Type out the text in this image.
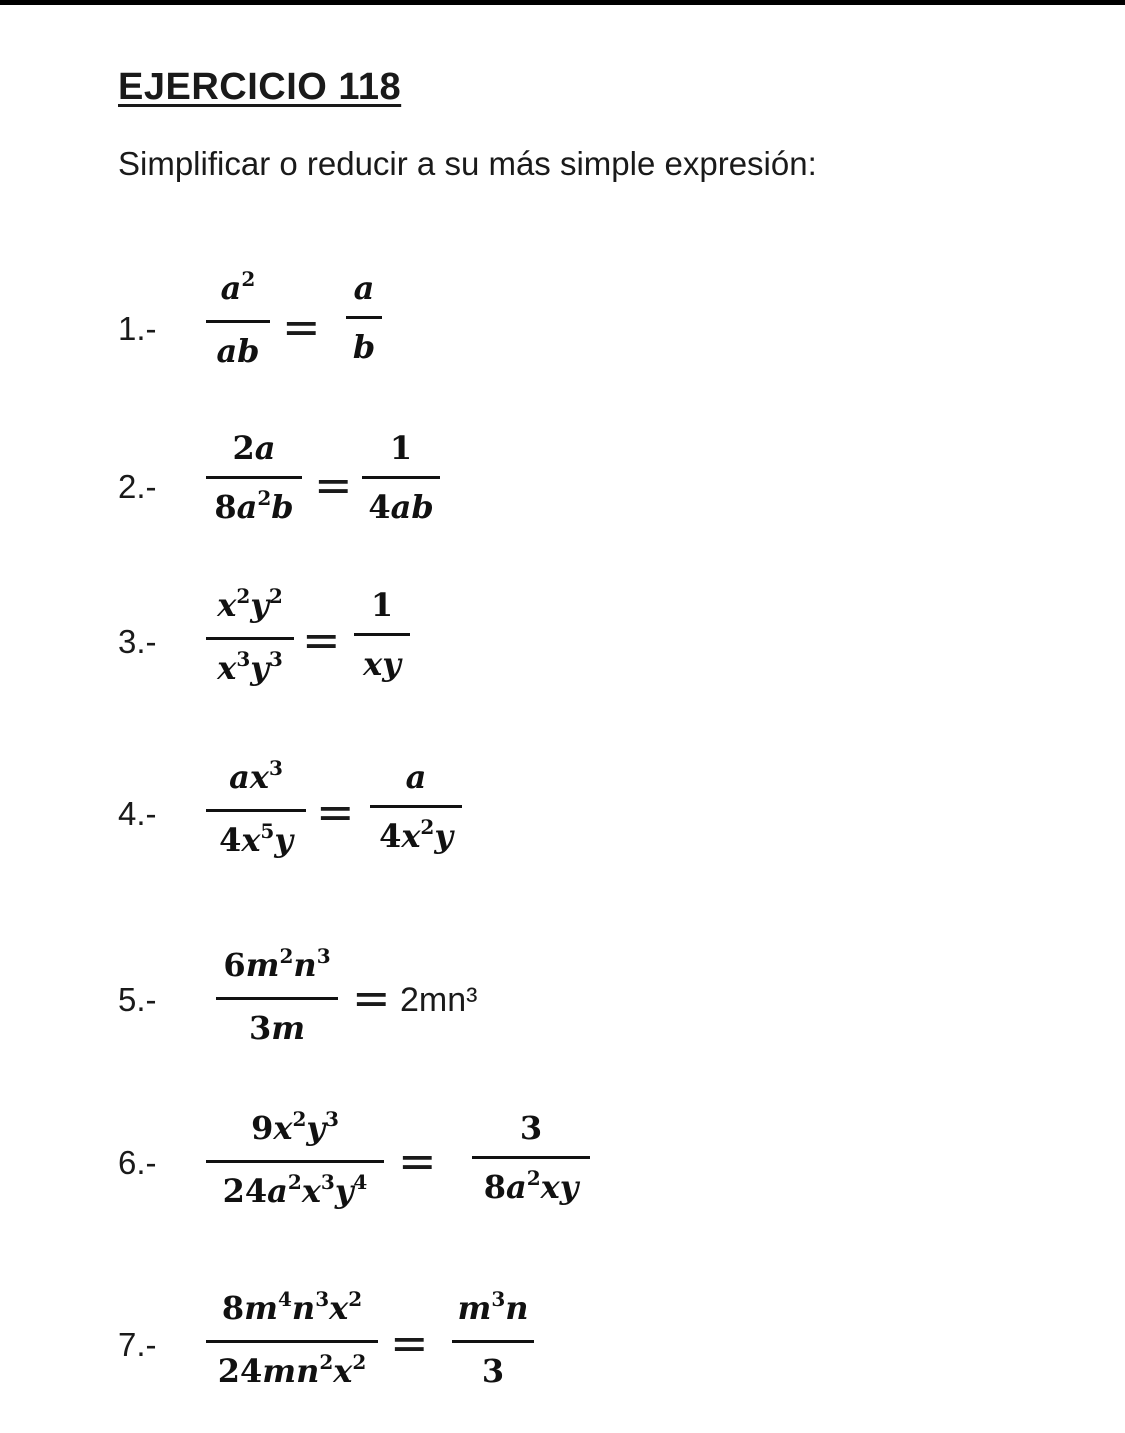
EJERCICIO 118

Simplificar o reducir a su más simple expresión:

1.-
$a^2$
ab =
a
b
2.-
2a
$8a^2b$ =
1
4ab
3.-
$x^2y^2$
$x^3y^3$ =
1
xy
4.-
$ax^3$
$4x^5y$
=
a
$4x^2y$
5.-
$6m^2n^3$
3m
= 2mn³
6.-
$9x^2y^3$
$24a^2x^3y^4$ =
3
$8a^2xy$
7.-
$8m^4n^3x^2$
$24mn^2x^2$ =
$m^3n$
3
